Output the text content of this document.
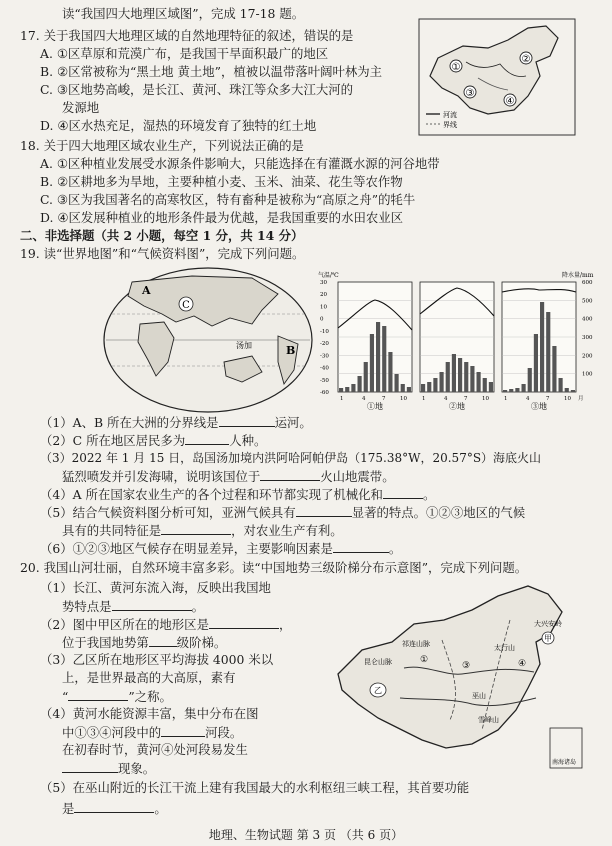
读“我国四大地理区域图”，完成 17-18 题。
17. 关于我国四大地理区域的自然地理特征的叙述，错误的是
A. ①区草原和荒漠广布，是我国干旱面积最广的地区
B. ②区常被称为“黑土地 黄土地”，植被以温带落叶阔叶林为主
C. ③区地势高峻，是长江、黄河、珠江等众多大江大河的
发源地
D. ④区水热充足，湿热的环境发育了独特的红土地
①
②
③
④
河流
界线
18. 关于四大地理区域农业生产，下列说法正确的是
A. ①区种植业发展受水源条件影响大，只能选择在有灌溉水源的河谷地带
B. ②区耕地多为旱地，主要种植小麦、玉米、油菜、花生等农作物
C. ③区为我国著名的高寒牧区，特有畜种是被称为“高原之舟”的牦牛
D. ④区发展种植业的地形条件最为优越，是我国重要的水田农业区
二、非选择题（共 2 小题，每空 1 分，共 14 分）
19. 读“世界地图”和“气候资料图”，完成下列问题。
A
B
C
汤加
气温/℃	降水量/mm
30
20
10
0
-10
-20
-30
-40
-50
-60
600
500
400
300
200
100
1	4	7	10
①地
1	4	7	10
②地
1	4	7	10
③地
月
（1）A、B 所在大洲的分界线是	运河。
（2）C 所在地区居民多为	人种。
（3）2022 年 1 月 15 日，岛国汤加境内洪阿哈阿帕伊岛（175.38°W，20.57°S）海底火山
猛烈喷发并引发海啸，说明该国位于	火山地震带。
（4）A 所在国家农业生产的各个过程和环节都实现了机械化和	。
（5）结合气候资料图分析可知，亚洲气候具有	显著的特点。①②③地区的气候
具有的共同特征是	，对农业生产有利。
（6）①②③地区气候存在明显差异，主要影响因素是	。
20. 我国山河壮丽，自然环境丰富多彩。读“中国地势三级阶梯分布示意图”，完成下列问题。
（1）长江、黄河东流入海，反映出我国地
势特点是	。
（2）图中甲区所在的地形区是	，
位于我国地势第 级阶梯。
（3）乙区所在地形区平均海拔 4000 米以
上，是世界最高的大高原，素有
“	”之称。
（4）黄河水能资源丰富，集中分布在图
中①③④河段中的	河段。
在初春时节，黄河④处河段易发生
现象。
（5）在巫山附近的长江干流上建有我国最大的水利枢纽三峡工程，其首要功能
是	。
大兴安岭
甲
祁连山脉
昆仑山脉
乙
太行山
巫山
雪峰山
①
③	④
南海诸岛
地理、生物试题 第 3 页 （共 6 页）
